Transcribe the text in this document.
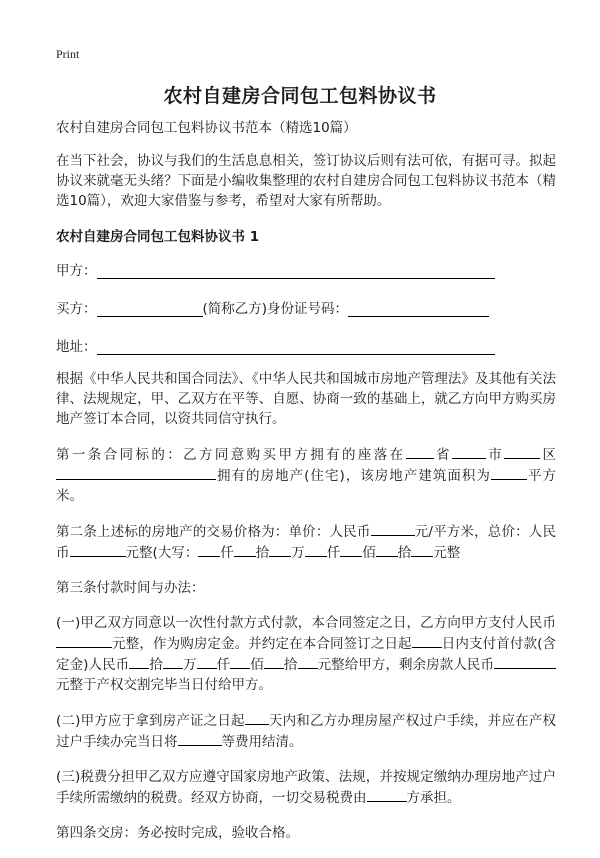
Print
农村自建房合同包工包料协议书

农村自建房合同包工包料协议书范本（精选10篇）

在当下社会，协议与我们的生活息息相关，签订协议后则有法可依，有据可寻。拟起协议来就毫无头绪？下面是小编收集整理的农村自建房合同包工包料协议书范本（精选10篇），欢迎大家借鉴与参考，希望对大家有所帮助。

农村自建房合同包工包料协议书 1
甲方：
买方：	(简称乙方)身份证号码：
地址：

根据《中华人民共和国合同法》、《中华人民共和国城市房地产管理法》及其他有关法律、法规规定，甲、乙双方在平等、自愿、协商一致的基础上，就乙方向甲方购买房地产签订本合同，以资共同信守执行。

第一条合同标的：乙方同意购买甲方拥有的座落在 省	市	区拥有的房地产(住宅)，该房地产建筑面积为	平方米。

第二条上述标的房地产的交易价格为：单价：人民币	元/平方米，总价：人民币	元整(大写： 仟 拾 万 仟 佰 拾 元整

第三条付款时间与办法：

(一)甲乙双方同意以一次性付款方式付款，本合同签定之日，乙方向甲方支付人民币元整，作为购房定金。并约定在本合同签订之日起 日内支付首付款(含定金)人民币 拾 万 仟 佰 拾 元整给甲方，剩余房款人民币元整于产权交割完毕当日付给甲方。

(二)甲方应于拿到房产证之日起 天内和乙方办理房屋产权过户手续，并应在产权过户手续办完当日将	等费用结清。

(三)税费分担甲乙双方应遵守国家房地产政策、法规，并按规定缴纳办理房地产过户手续所需缴纳的税费。经双方协商，一切交易税费由	方承担。

第四条交房：务必按时完成，验收合格。
